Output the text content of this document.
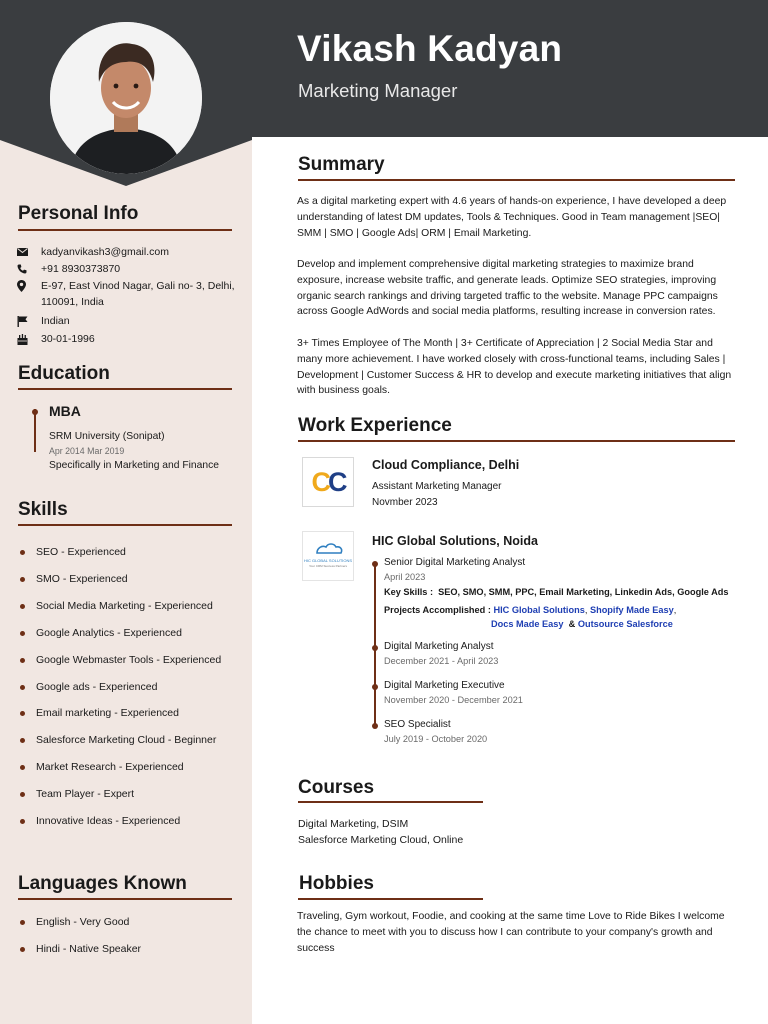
Vikash Kadyan
Marketing Manager
Personal Info
kadyanvikash3@gmail.com
+91 8930373870
E-97, East Vinod Nagar, Gali no- 3, Delhi,
110091, India
Indian
30-01-1996
Education
MBA
SRM University (Sonipat)
Apr 2014 Mar 2019
Specifically in Marketing and Finance
Skills
SEO - Experienced
SMO - Experienced
Social Media Marketing - Experienced
Google Analytics - Experienced
Google Webmaster Tools - Experienced
Google ads - Experienced
Email marketing - Experienced
Salesforce Marketing Cloud - Beginner
Market Research - Experienced
Team Player - Expert
Innovative Ideas - Experienced
Languages Known
English - Very Good
Hindi - Native Speaker
Summary
As a digital marketing expert with 4.6 years of hands-on experience, I have developed a deep understanding of latest DM updates, Tools & Techniques. Good in Team management |SEO| SMM | SMO | Google Ads| ORM | Email Marketing.
Develop and implement comprehensive digital marketing strategies to maximize brand exposure, increase website traffic, and generate leads. Optimize SEO strategies, improving organic search rankings and driving targeted traffic to the website. Manage PPC campaigns across Google AdWords and social media platforms, resulting increase in conversion rates.
3+ Times Employee of The Month | 3+ Certificate of Appreciation | 2 Social Media Star and many more achievement. I have worked closely with cross-functional teams, including Sales | Development | Customer Success & HR to develop and execute marketing initiatives that align with business goals.
Work Experience
C C
Cloud Compliance, Delhi
Assistant Marketing Manager
Novmber 2023
HIC GLOBAL SOLUTIONS
Your CRM Success Partners
HIC Global Solutions, Noida
Senior Digital Marketing Analyst
April 2023
Digital Marketing Analyst
December 2021 - April 2023
Digital Marketing Executive
November 2020 - December 2021
SEO Specialist
July 2019 - October 2020
Key Skills : SEO, SMO, SMM, PPC, Email Marketing, Linkedin Ads, Google Ads
Projects Accomplished : HIC Global Solutions, Shopify Made Easy,
Docs Made Easy & Outsource Salesforce
Courses
Digital Marketing, DSIM
Salesforce Marketing Cloud, Online
Hobbies
Traveling, Gym workout, Foodie, and cooking at the same time Love to Ride Bikes I welcome the chance to meet with you to discuss how I can contribute to your company's growth and success
